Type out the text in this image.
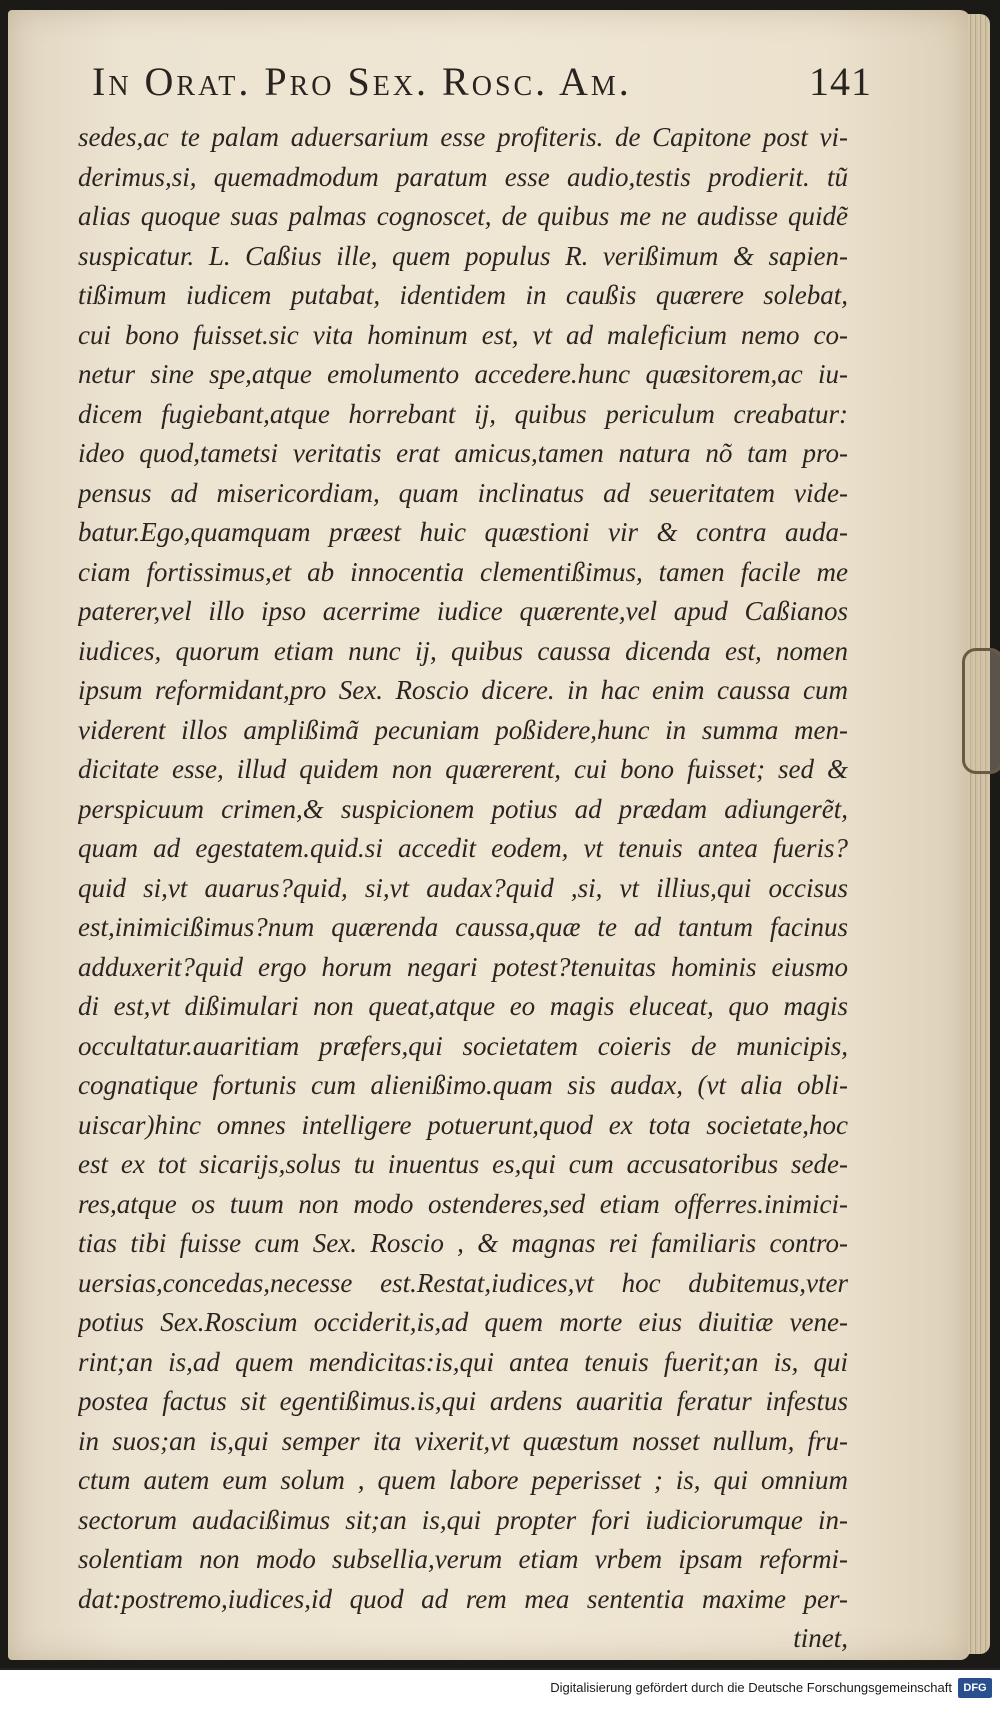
In Orat. Pro Sex. Rosc. Am.	141
sedes,ac te palam aduersarium esse profiteris. de Capitone post vi-
derimus,si, quemadmodum paratum esse audio,testis prodierit. tũ
alias quoque suas palmas cognoscet, de quibus me ne audisse quidẽ
suspicatur. L. Caßius ille, quem populus R. verißimum & sapien-
tißimum iudicem putabat, identidem in caußis quærere solebat,
cui bono fuisset.sic vita hominum est, vt ad maleficium nemo co-
netur sine spe,atque emolumento accedere.hunc quæsitorem,ac iu-
dicem fugiebant,atque horrebant ij, quibus periculum creabatur:
ideo quod,tametsi veritatis erat amicus,tamen natura nõ tam pro-
pensus ad misericordiam, quam inclinatus ad seueritatem vide-
batur.Ego,quamquam præest huic quæstioni vir & contra auda-
ciam fortissimus,et ab innocentia clementißimus, tamen facile me
paterer,vel illo ipso acerrime iudice quærente,vel apud Caßianos
iudices, quorum etiam nunc ij, quibus caussa dicenda est, nomen
ipsum reformidant,pro Sex. Roscio dicere. in hac enim caussa cum
viderent illos amplißimã pecuniam poßidere,hunc in summa men-
dicitate esse, illud quidem non quærerent, cui bono fuisset; sed &
perspicuum crimen,& suspicionem potius ad prædam adiungerẽt,
quam ad egestatem.quid.si accedit eodem, vt tenuis antea fueris?
quid si,vt auarus?quid, si,vt audax?quid ,si, vt illius,qui occisus
est,inimicißimus?num quærenda caussa,quæ te ad tantum facinus
adduxerit?quid ergo horum negari potest?tenuitas hominis eiusmo
di est,vt dißimulari non queat,atque eo magis eluceat, quo magis
occultatur.auaritiam præfers,qui societatem coieris de municipis,
cognatique fortunis cum alienißimo.quam sis audax, (vt alia obli-
uiscar)hinc omnes intelligere potuerunt,quod ex tota societate,hoc
est ex tot sicarijs,solus tu inuentus es,qui cum accusatoribus sede-
res,atque os tuum non modo ostenderes,sed etiam offerres.inimici-
tias tibi fuisse cum Sex. Roscio , & magnas rei familiaris contro-
uersias,concedas,necesse est.Restat,iudices,vt hoc dubitemus,vter
potius Sex.Roscium occiderit,is,ad quem morte eius diuitiæ vene-
rint;an is,ad quem mendicitas:is,qui antea tenuis fuerit;an is, qui
postea factus sit egentißimus.is,qui ardens auaritia feratur infestus
in suos;an is,qui semper ita vixerit,vt quæstum nosset nullum, fru-
ctum autem eum solum , quem labore peperisset ; is, qui omnium
sectorum audacißimus sit;an is,qui propter fori iudiciorumque in-
solentiam non modo subsellia,verum etiam vrbem ipsam reformi-
dat:postremo,iudices,id quod ad rem mea sententia maxime per-
tinet,
Digitalisierung gefördert durch die Deutsche Forschungsgemeinschaft	DFG
